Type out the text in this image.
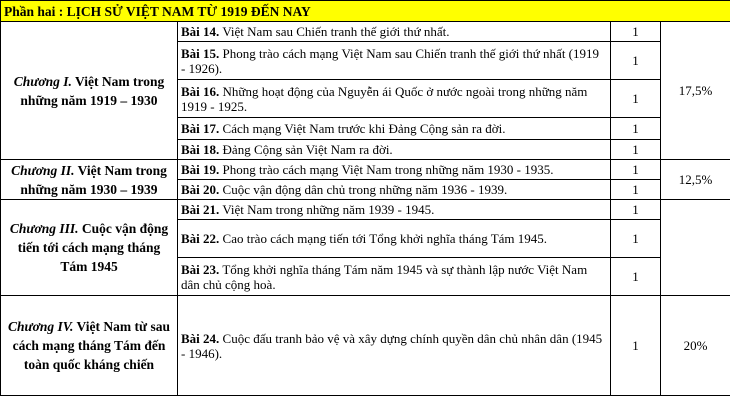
Phần hai : LỊCH SỬ VIỆT NAM TỪ 1919 ĐẾN NAY			
Chương I. Việt Nam trong những năm 1919 – 1930	Bài 14. Việt Nam sau Chiến tranh thế giới thứ nhất.	1	17,5%
	Bài 15. Phong trào cách mạng Việt Nam sau Chiến tranh thế giới thứ nhất (1919 - 1926).	1	
	Bài 16. Những hoạt động của Nguyễn ái Quốc ở nước ngoài trong những năm 1919 - 1925.	1	
	Bài 17. Cách mạng Việt Nam trước khi Đảng Cộng sản ra đời.	1	
	Bài 18. Đảng Cộng sản Việt Nam ra đời.	1	
Chương II. Việt Nam trong những năm 1930 – 1939	Bài 19. Phong trào cách mạng Việt Nam trong những năm 1930 - 1935.	1	12,5%
	Bài 20. Cuộc vận động dân chủ trong những năm 1936 - 1939.	1	
Chương III. Cuộc vận động tiến tới cách mạng tháng Tám 1945	Bài 21. Việt Nam trong những năm 1939 - 1945.	1	
	Bài 22. Cao trào cách mạng tiến tới Tổng khởi nghĩa tháng Tám 1945.	1	
	Bài 23. Tổng khởi nghĩa tháng Tám năm 1945 và sự thành lập nước Việt Nam dân chủ cộng hoà.	1	
Chương IV. Việt Nam từ sau cách mạng tháng Tám đến toàn quốc kháng chiến	Bài 24. Cuộc đấu tranh bảo vệ và xây dựng chính quyền dân chủ nhân dân (1945 - 1946).	1	20%
